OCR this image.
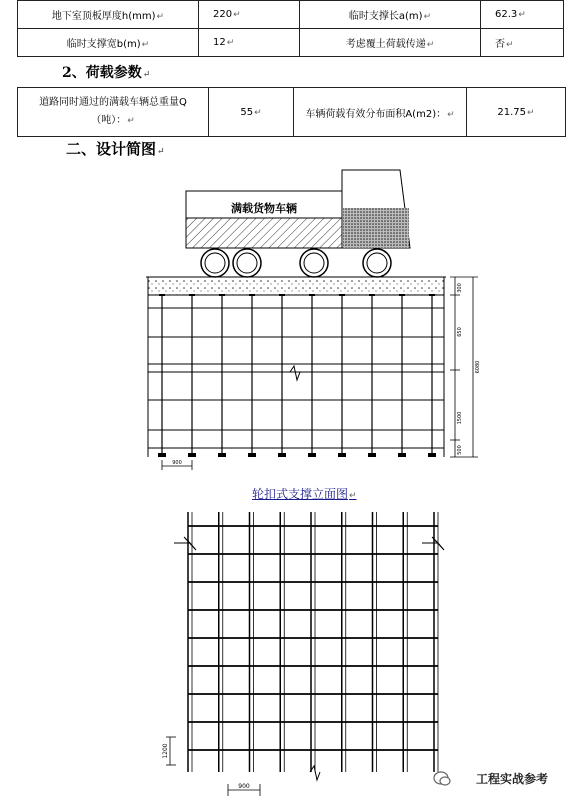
地下室顶板厚度h(mm)↵	220↵	临时支撑长a(m)↵	62.3↵
临时支撑宽b(m)↵	12↵	考虑覆土荷载传递↵	否↵
2、荷载参数↵
道路同时通过的满载车辆总重量Q（吨）：↵	55↵	车辆荷载有效分布面积A(m2)：↵	21.75↵
二、设计简图↵
满载货物车辆
300
650
1500
500
6080
900
轮扣式支撑立面图↵
1200
900
工程实战参考
